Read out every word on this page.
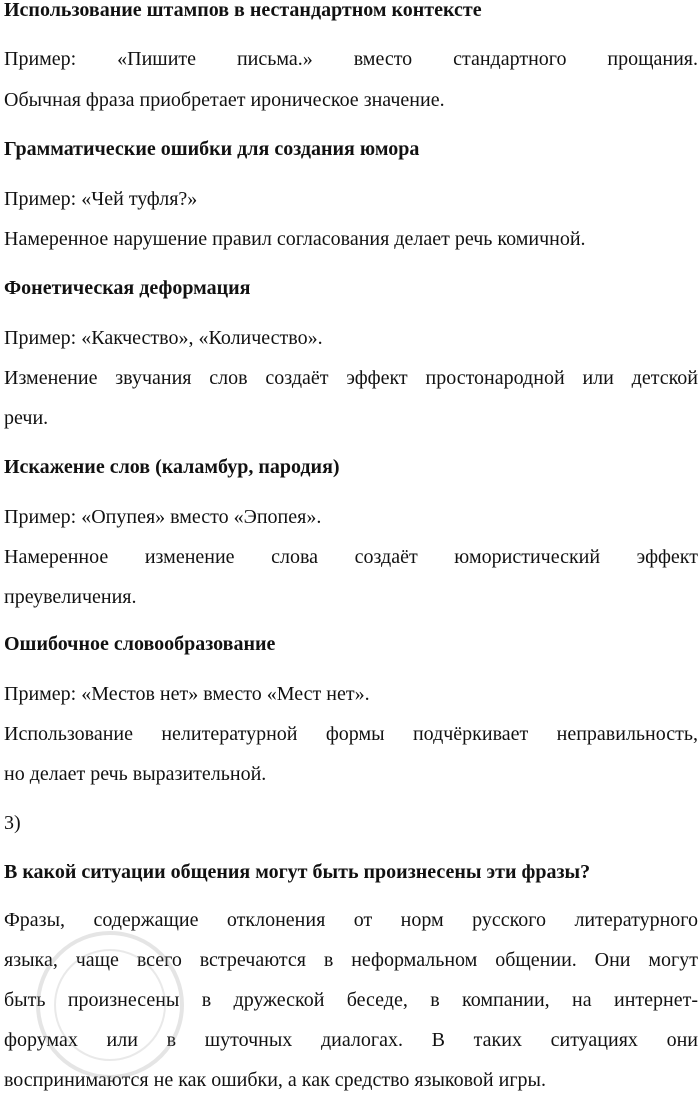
Использование штампов в нестандартном контексте

Пример: «Пишите письма.» вместо стандартного прощания.

Обычная фраза приобретает ироническое значение.

Грамматические ошибки для создания юмора

Пример: «Чей туфля?»

Намеренное нарушение правил согласования делает речь комичной.

Фонетическая деформация

Пример: «Какчество», «Количество».

Изменение звучания слов создаёт эффект простонародной или детской

речи.

Искажение слов (каламбур, пародия)

Пример: «Опупея» вместо «Эпопея».

Намеренное изменение слова создаёт юмористический эффект

преувеличения.

Ошибочное словообразование

Пример: «Местов нет» вместо «Мест нет».

Использование нелитературной формы подчёркивает неправильность,

но делает речь выразительной.

3)

В какой ситуации общения могут быть произнесены эти фразы?

Фразы, содержащие отклонения от норм русского литературного

языка, чаще всего встречаются в неформальном общении. Они могут

быть произнесены в дружеской беседе, в компании, на интернет-

форумах или в шуточных диалогах. В таких ситуациях они

воспринимаются не как ошибки, а как средство языковой игры.
